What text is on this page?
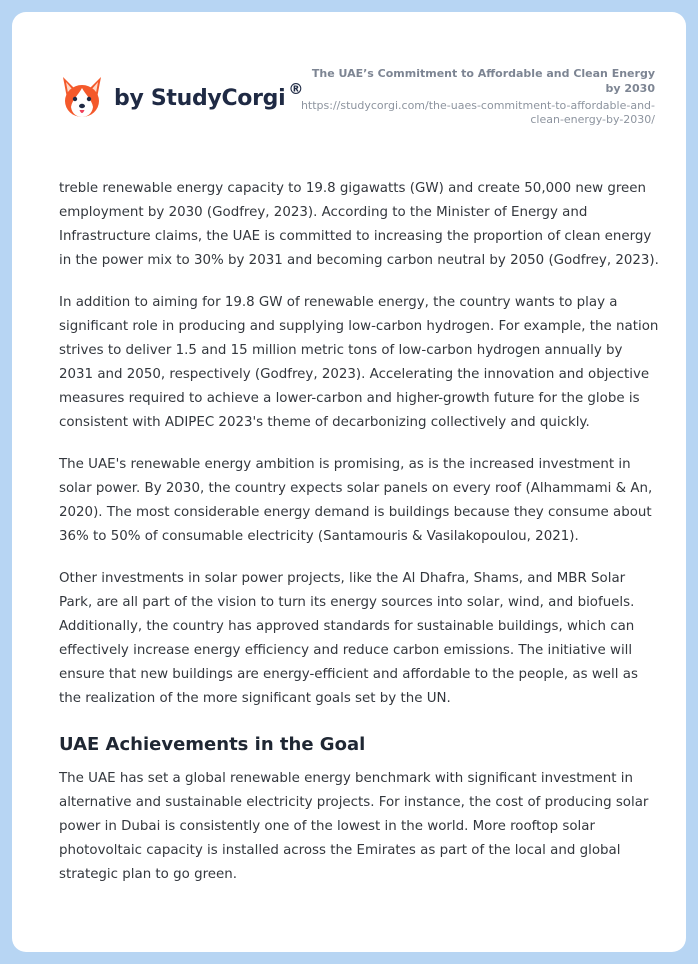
by StudyCorgi ®
The UAE’s Commitment to Affordable and Clean Energy by 2030
https://studycorgi.com/the-uaes-commitment-to-affordable-and-clean-energy-by-2030/

treble renewable energy capacity to 19.8 gigawatts (GW) and create 50,000 new green employment by 2030 (Godfrey, 2023). According to the Minister of Energy and Infrastructure claims, the UAE is committed to increasing the proportion of clean energy in the power mix to 30% by 2031 and becoming carbon neutral by 2050 (Godfrey, 2023).

In addition to aiming for 19.8 GW of renewable energy, the country wants to play a significant role in producing and supplying low-carbon hydrogen. For example, the nation strives to deliver 1.5 and 15 million metric tons of low-carbon hydrogen annually by 2031 and 2050, respectively (Godfrey, 2023). Accelerating the innovation and objective measures required to achieve a lower-carbon and higher-growth future for the globe is consistent with ADIPEC 2023's theme of decarbonizing collectively and quickly.

The UAE's renewable energy ambition is promising, as is the increased investment in solar power. By 2030, the country expects solar panels on every roof (Alhammami & An, 2020). The most considerable energy demand is buildings because they consume about 36% to 50% of consumable electricity (Santamouris & Vasilakopoulou, 2021).

Other investments in solar power projects, like the Al Dhafra, Shams, and MBR Solar Park, are all part of the vision to turn its energy sources into solar, wind, and biofuels. Additionally, the country has approved standards for sustainable buildings, which can effectively increase energy efficiency and reduce carbon emissions. The initiative will ensure that new buildings are energy-efficient and affordable to the people, as well as the realization of the more significant goals set by the UN.

UAE Achievements in the Goal

The UAE has set a global renewable energy benchmark with significant investment in alternative and sustainable electricity projects. For instance, the cost of producing solar power in Dubai is consistently one of the lowest in the world. More rooftop solar photovoltaic capacity is installed across the Emirates as part of the local and global strategic plan to go green.
